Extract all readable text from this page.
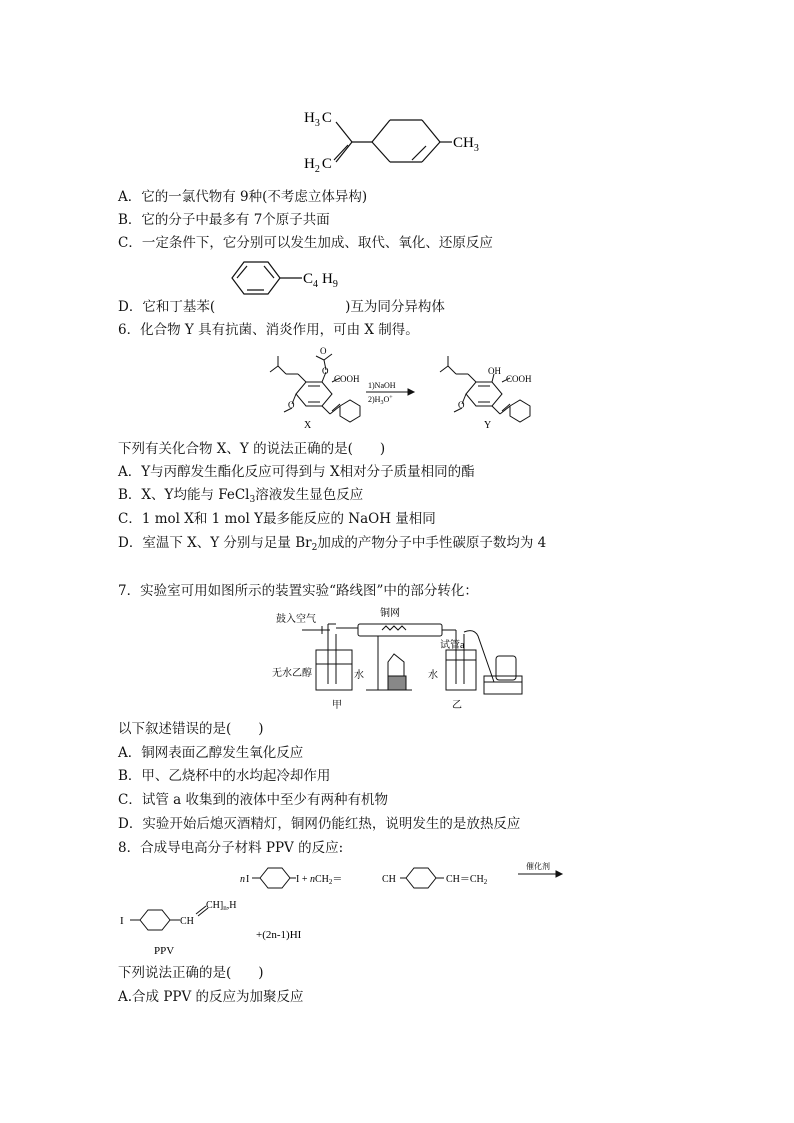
$H_3$ C
$H_2$ C
$CH_3$
A．它的一氯代物有 9种(不考虑立体异构)
B．它的分子中最多有 7个原子共面
C．一定条件下，它分别可以发生加成、取代、氧化、还原反应
$C_4$ $H_9$
D．它和丁基苯(	)互为同分异构体
6．化合物 Y 具有抗菌、消炎作用，可由 X 制得。
COOH
O
O
O
X
1)NaOH
$2)H_3O^+$
OH
COOH
O
Y
下列有关化合物 X、Y 的说法正确的是(　　)
A．Y与丙醇发生酯化反应可得到与 X相对分子质量相同的酯
B．X、Y均能与 FeCl$_3$溶液发生显色反应
C．1 mol X和 1 mol Y最多能反应的 NaOH 量相同
D．室温下 X、Y 分别与足量 $Br_2$加成的产物分子中手性碳原子数均为 4
7．实验室可用如图所示的装置实验“路线图”中的部分转化：
鼓入空气
铜网
试管a
无水乙醇	水	水
甲	乙
以下叙述错误的是(　　)
A．铜网表面乙醇发生氧化反应
B．甲、乙烧杯中的水均起冷却作用
C．试管 a 收集到的液体中至少有两种有机物
D．实验开始后熄灭酒精灯，铜网仍能红热，说明发生的是放热反应
8．合成导电高分子材料 PPV 的反应:
n I	I + nCH$_2$＝	CH	$CH=CH_2$
催化剂
I	CH
$CH]_n,H$
PPV
+(2n-1)HI
下列说法正确的是(　　)
A.合成 PPV 的反应为加聚反应
